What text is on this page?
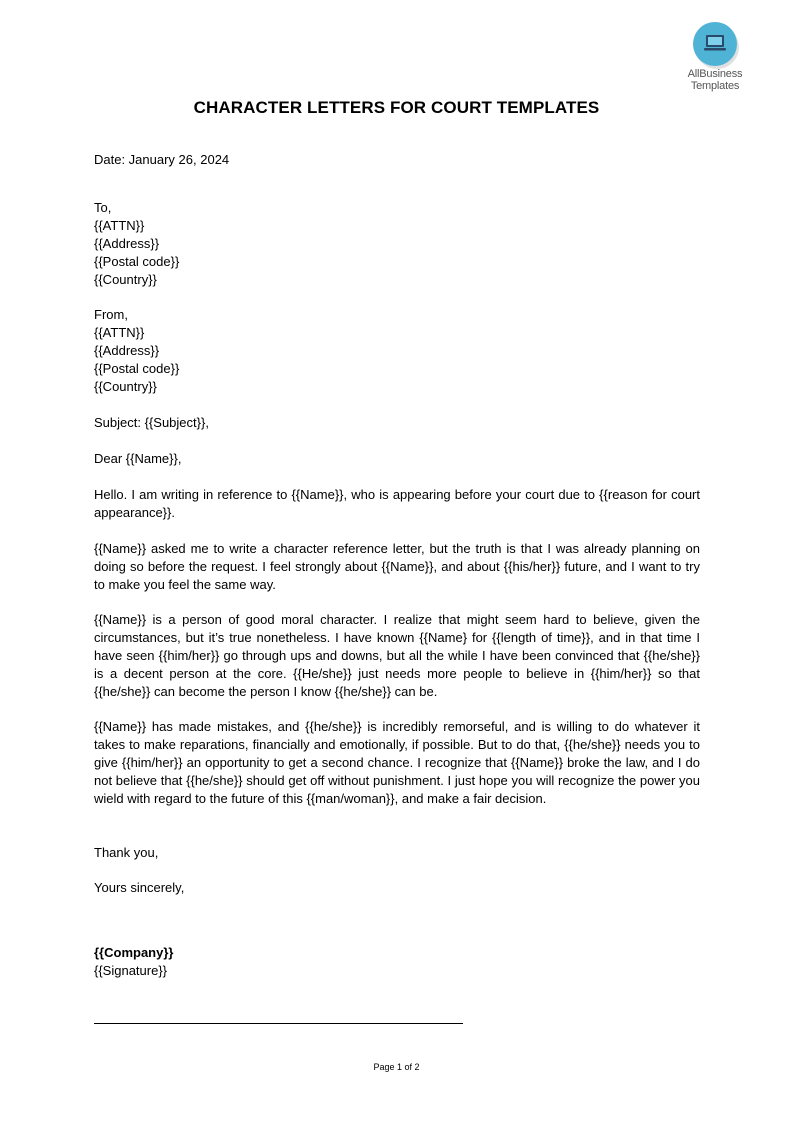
AllBusiness
Templates
CHARACTER LETTERS FOR COURT TEMPLATES
Date: January 26, 2024
To,
{{ATTN}}
{{Address}}
{{Postal code}}
{{Country}}
From,
{{ATTN}}
{{Address}}
{{Postal code}}
{{Country}}
Subject: {{Subject}},
Dear {{Name}},

Hello. I am writing in reference to {{Name}}, who is appearing before your court due to {{reason for court appearance}}.

{{Name}} asked me to write a character reference letter, but the truth is that I was already planning on doing so before the request. I feel strongly about {{Name}}, and about {{his/her}} future, and I want to try to make you feel the same way.

{{Name}} is a person of good moral character. I realize that might seem hard to believe, given the circumstances, but it’s true nonetheless. I have known {{Name} for {{length of time}}, and in that time I have seen {{him/her}} go through ups and downs, but all the while I have been convinced that {{he/she}} is a decent person at the core. {{He/she}} just needs more people to believe in {{him/her}} so that {{he/she}} can become the person I know {{he/she}} can be.

{{Name}} has made mistakes, and {{he/she}} is incredibly remorseful, and is willing to do whatever it takes to make reparations, financially and emotionally, if possible. But to do that, {{he/she}} needs you to give {{him/her}} an opportunity to get a second chance. I recognize that {{Name}} broke the law, and I do not believe that {{he/she}} should get off without punishment. I just hope you will recognize the power you wield with regard to the future of this {{man/woman}}, and make a fair decision.

Thank you,
Yours sincerely,
{{Company}}
{{Signature}}
Page 1 of 2
